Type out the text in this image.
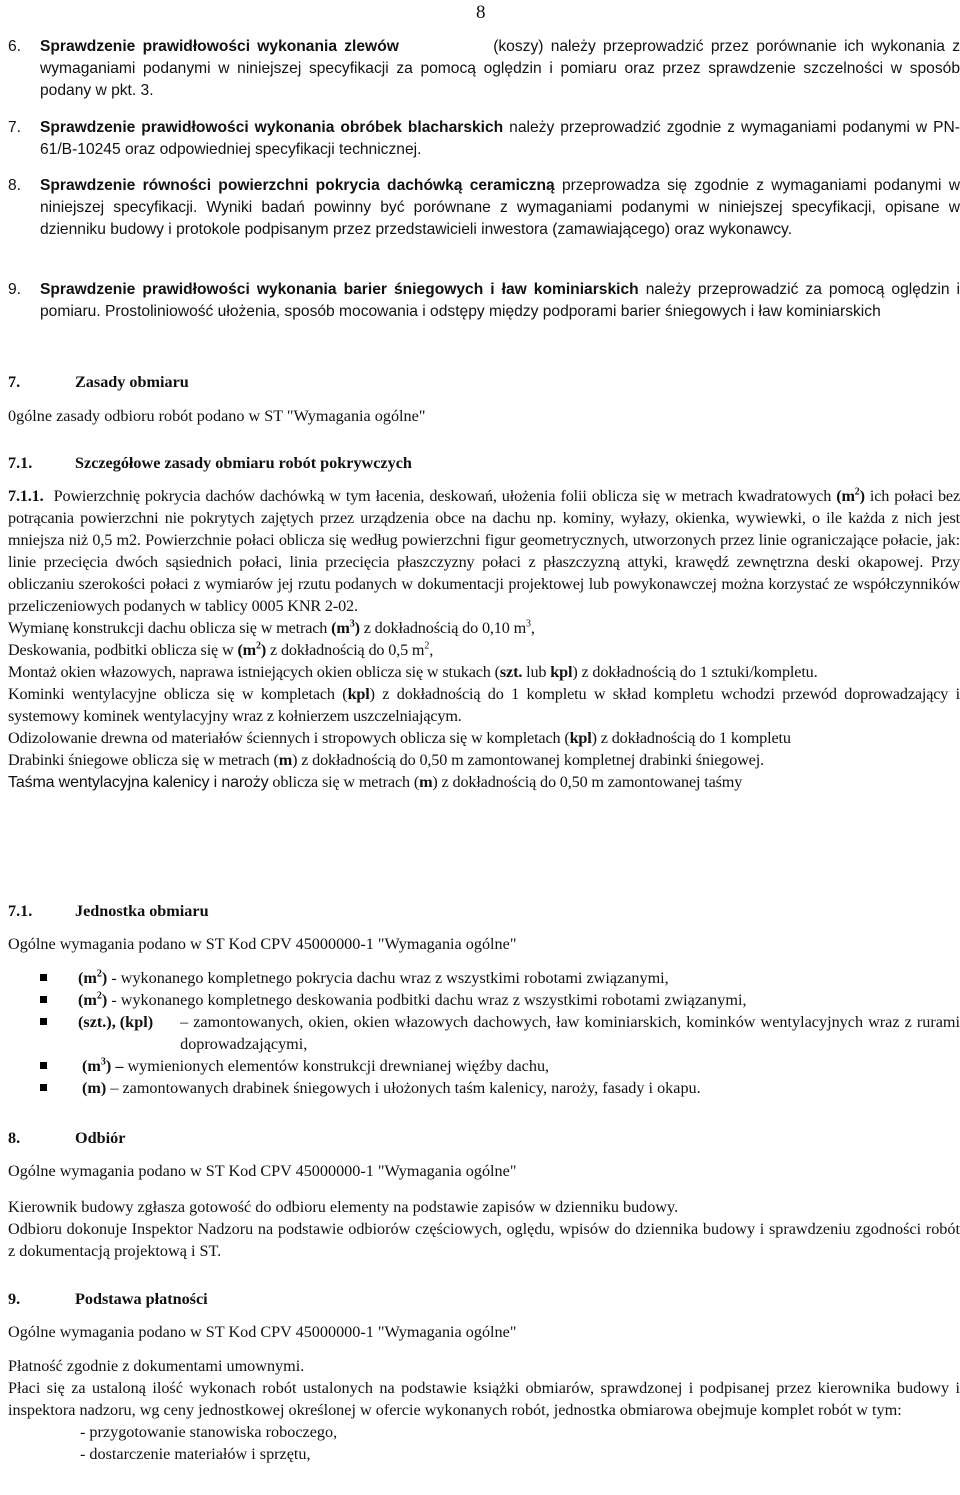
8
6. Sprawdzenie prawidłowości wykonania zlewów	(koszy) należy przeprowadzić przez porównanie ich wykonania z wymaganiami podanymi w niniejszej specyfikacji za pomocą oględzin i pomiaru oraz przez sprawdzenie szczelności w sposób podany w pkt. 3.
7. Sprawdzenie prawidłowości wykonania obróbek blacharskich należy przeprowadzić zgodnie z wymaganiami podanymi w PN-61/B-10245 oraz odpowiedniej specyfikacji technicznej.
8. Sprawdzenie równości powierzchni pokrycia dachówką ceramiczną przeprowadza się zgodnie z wymaganiami podanymi w niniejszej specyfikacji. Wyniki badań powinny być porównane z wymaganiami podanymi w niniejszej specyfikacji, opisane w dzienniku budowy i protokole podpisanym przez przedstawicieli inwestora (zamawiającego) oraz wykonawcy.
9. Sprawdzenie prawidłowości wykonania barier śniegowych i ław kominiarskich należy przeprowadzić za pomocą oględzin i pomiaru. Prostoliniowość ułożenia, sposób mocowania i odstępy między podporami barier śniegowych i ław kominiarskich
7.	Zasady obmiaru
0gólne zasady odbioru robót podano w ST "Wymagania ogólne"
7.1.	Szczegółowe zasady obmiaru robót pokrywczych

7.1.1. Powierzchnię pokrycia dachów dachówką w tym łacenia, deskowań, ułożenia folii oblicza się w metrach kwadratowych $(m^2)$ ich połaci bez potrącania powierzchni nie pokrytych zajętych przez urządzenia obce na dachu np. kominy, wyłazy, okienka, wywiewki, o ile każda z nich jest mniejsza niż 0,5 m2. Powierzchnie połaci oblicza się według powierzchni figur geometrycznych, utworzonych przez linie ograniczające połacie, jak: linie przecięcia dwóch sąsiednich połaci, linia przecięcia płaszczyzny połaci z płaszczyzną attyki, krawędź zewnętrzna deski okapowej. Przy obliczaniu szerokości połaci z wymiarów jej rzutu podanych w dokumentacji projektowej lub powykonawczej można korzystać ze współczynników przeliczeniowych podanych w tablicy 0005 KNR 2-02.

Wymianę konstrukcji dachu oblicza się w metrach $(m^3)$ z dokładnością do 0,10 $m^3$,

Deskowania, podbitki oblicza się w $(m^2)$ z dokładnością do 0,5 $m^2$,

Montaż okien włazowych, naprawa istniejących okien oblicza się w stukach (szt. lub kpl) z dokładnością do 1 sztuki/kompletu.

Kominki wentylacyjne oblicza się w kompletach (kpl) z dokładnością do 1 kompletu w skład kompletu wchodzi przewód doprowadzający i systemowy kominek wentylacyjny wraz z kołnierzem uszczelniającym.

Odizolowanie drewna od materiałów ściennych i stropowych oblicza się w kompletach (kpl) z dokładnością do 1 kompletu

Drabinki śniegowe oblicza się w metrach (m) z dokładnością do 0,50 m zamontowanej kompletnej drabinki śniegowej.

Taśma wentylacyjna kalenicy i naroży oblicza się w metrach (m) z dokładnością do 0,50 m zamontowanej taśmy

7.1.	Jednostka obmiaru
Ogólne wymagania podano w ST Kod CPV 45000000-1 "Wymagania ogólne"
$(m^2)$ - wykonanego kompletnego pokrycia dachu wraz z wszystkimi robotami związanymi,
$(m^2)$ - wykonanego kompletnego deskowania podbitki dachu wraz z wszystkimi robotami związanymi,
(szt.), (kpl) – zamontowanych, okien, okien włazowych dachowych, ław kominiarskich, kominków wentylacyjnych wraz z rurami doprowadzającymi,
$(m^3)$ – wymienionych elementów konstrukcji drewnianej więźby dachu,
(m) – zamontowanych drabinek śniegowych i ułożonych taśm kalenicy, naroży, fasady i okapu.
8.	Odbiór
Ogólne wymagania podano w ST Kod CPV 45000000-1 "Wymagania ogólne"

Kierownik budowy zgłasza gotowość do odbioru elementy na podstawie zapisów w dzienniku budowy.

Odbioru dokonuje Inspektor Nadzoru na podstawie odbiorów częściowych, oględu, wpisów do dziennika budowy i sprawdzeniu zgodności robót z dokumentacją projektową i ST.

9.	Podstawa płatności
Ogólne wymagania podano w ST Kod CPV 45000000-1 "Wymagania ogólne"

Płatność zgodnie z dokumentami umownymi.

Płaci się za ustaloną ilość wykonach robót ustalonych na podstawie książki obmiarów, sprawdzonej i podpisanej przez kierownika budowy i inspektora nadzoru, wg ceny jednostkowej określonej w ofercie wykonanych robót, jednostka obmiarowa obejmuje komplet robót w tym:

- przygotowanie stanowiska roboczego,

- dostarczenie materiałów i sprzętu,
